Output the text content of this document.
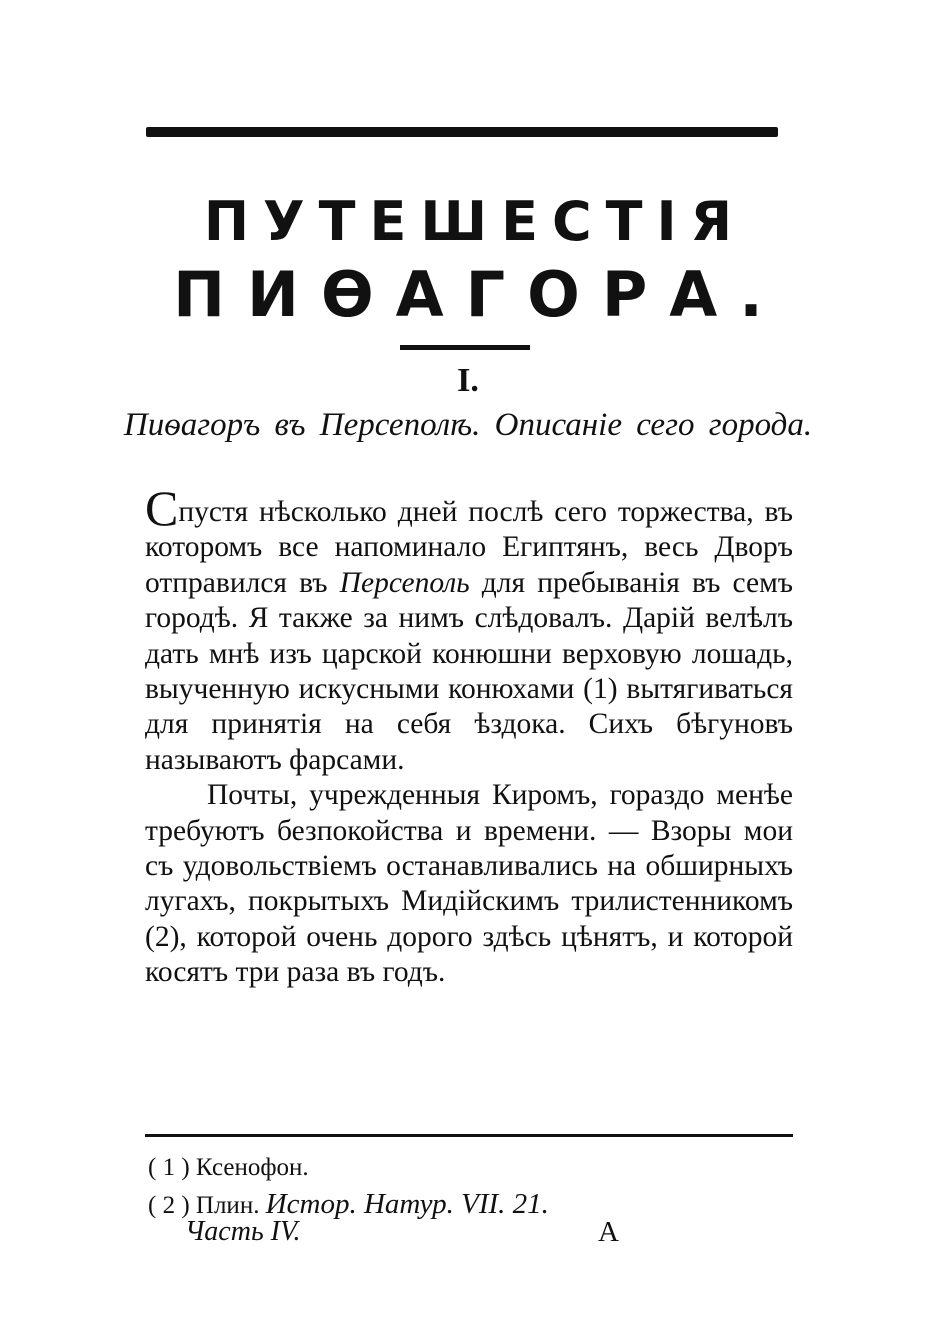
ПУТЕШЕСТІЯ
ПИѲАГОРА.
I.
Пиѳагоръ въ Персеполѣ. Описаніе сего города.

Спустя нѣсколько дней послѣ сего торжества, въ которомъ все напоминало Египтянъ, весь Дворъ отправился въ Персеполь для пребыванія въ семъ городѣ. Я также за нимъ слѣдовалъ. Дарій велѣлъ дать мнѣ изъ царской конюшни верховую лошадь, выученную искусными конюхами (1) вытягиваться для принятія на себя ѣздока. Сихъ бѣгуновъ называютъ фарсами.

Почты, учрежденныя Киромъ, гораздо менѣе требуютъ безпокойства и времени. — Взоры мои съ удовольствіемъ останавливались на обширныхъ лугахъ, покрытыхъ Мидійскимъ трилистенникомъ (2), которой очень дорого здѣсь цѣнятъ, и которой косятъ три раза въ годъ.

( 1 ) Ксенофон.
( 2 ) Плин. Истор. Натур. VII. 21.
Часть IV.	А
